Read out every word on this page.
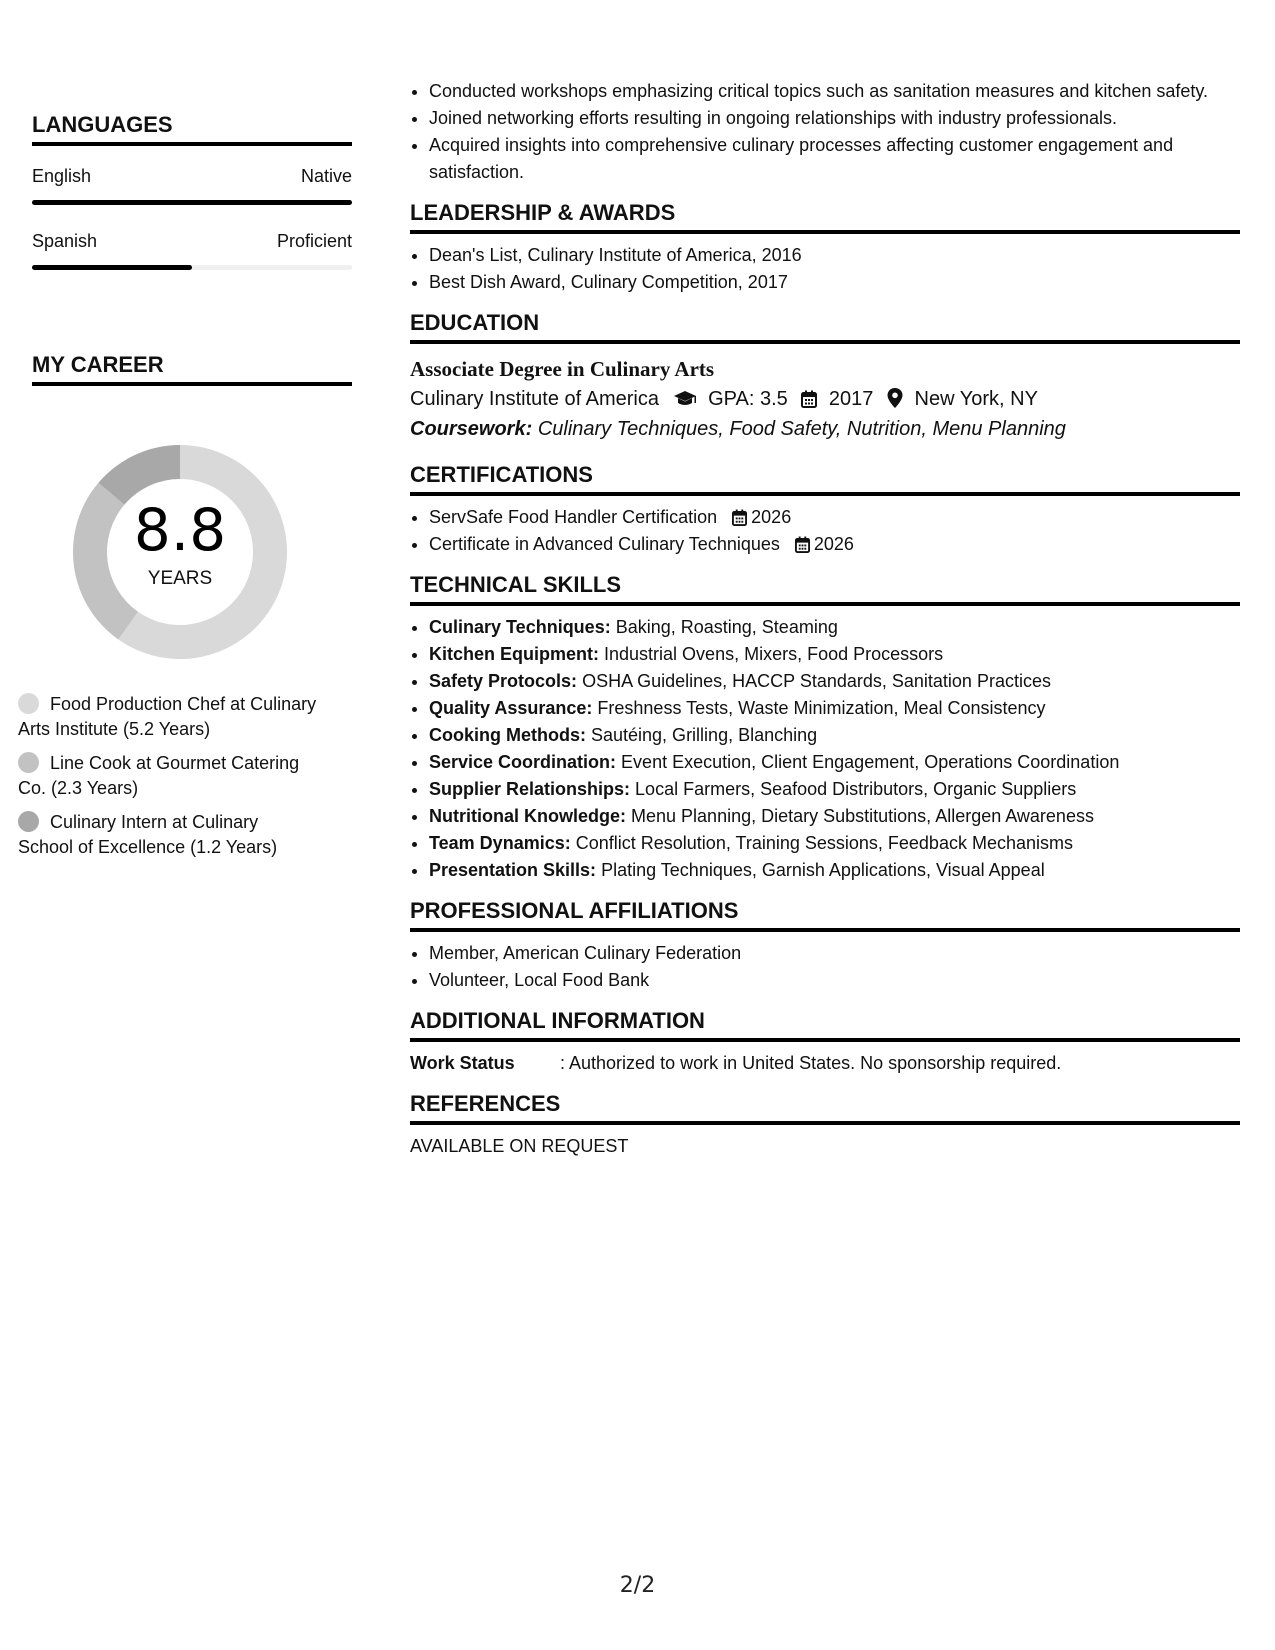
LANGUAGES
English	Native
Spanish	Proficient
MY CAREER
8.8
YEARS
Food Production Chef at Culinary Arts Institute (5.2 Years)
Line Cook at Gourmet Catering Co. (2.3 Years)
Culinary Intern at Culinary School of Excellence (1.2 Years)
• Conducted workshops emphasizing critical topics such as sanitation measures and kitchen safety.
• Joined networking efforts resulting in ongoing relationships with industry professionals.
• Acquired insights into comprehensive culinary processes affecting customer engagement and satisfaction.
LEADERSHIP & AWARDS
• Dean's List, Culinary Institute of America, 2016
• Best Dish Award, Culinary Competition, 2017
EDUCATION
Associate Degree in Culinary Arts
Culinary Institute of America GPA: 3.5 2017 New York, NY
Coursework: Culinary Techniques, Food Safety, Nutrition, Menu Planning
CERTIFICATIONS
• ServSafe Food Handler Certification 2026
• Certificate in Advanced Culinary Techniques 2026
TECHNICAL SKILLS
• Culinary Techniques: Baking, Roasting, Steaming
• Kitchen Equipment: Industrial Ovens, Mixers, Food Processors
• Safety Protocols: OSHA Guidelines, HACCP Standards, Sanitation Practices
• Quality Assurance: Freshness Tests, Waste Minimization, Meal Consistency
• Cooking Methods: Sautéing, Grilling, Blanching
• Service Coordination: Event Execution, Client Engagement, Operations Coordination
• Supplier Relationships: Local Farmers, Seafood Distributors, Organic Suppliers
• Nutritional Knowledge: Menu Planning, Dietary Substitutions, Allergen Awareness
• Team Dynamics: Conflict Resolution, Training Sessions, Feedback Mechanisms
• Presentation Skills: Plating Techniques, Garnish Applications, Visual Appeal
PROFESSIONAL AFFILIATIONS
• Member, American Culinary Federation
• Volunteer, Local Food Bank
ADDITIONAL INFORMATION
Work Status	: Authorized to work in United States. No sponsorship required.
REFERENCES
AVAILABLE ON REQUEST
2/2
